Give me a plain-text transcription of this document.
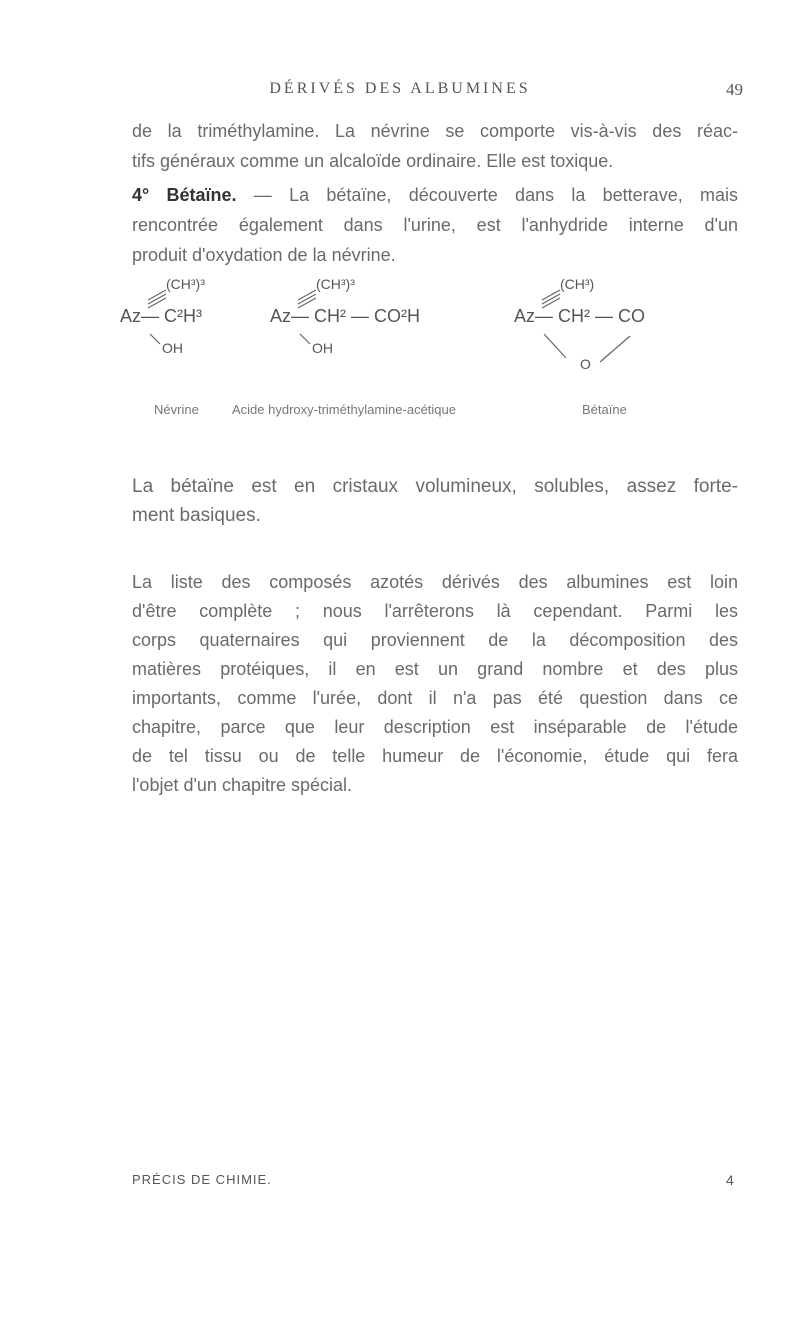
DÉRIVÉS DES ALBUMINES	49
de la triméthylamine. La névrine se comporte vis-à-vis des réac-
tifs généraux comme un alcaloïde ordinaire. Elle est toxique.
4° Bétaïne. — La bétaïne, découverte dans la betterave, mais
rencontrée également dans l'urine, est l'anhydride interne d'un
produit d'oxydation de la névrine.
(CH³)³
Az— C²H³
OH
(CH³)³
Az— CH² — CO²H
OH
(CH³)
Az— CH² — CO
O
Névrine	Acide hydroxy-triméthylamine-acétique	Bétaïne
La bétaïne est en cristaux volumineux, solubles, assez forte-
ment basiques.
La liste des composés azotés dérivés des albumines est loin
d'être complète ; nous l'arrêterons là cependant. Parmi les
corps quaternaires qui proviennent de la décomposition des
matières protéiques, il en est un grand nombre et des plus
importants, comme l'urée, dont il n'a pas été question dans ce
chapitre, parce que leur description est inséparable de l'étude
de tel tissu ou de telle humeur de l'économie, étude qui fera
l'objet d'un chapitre spécial.
PRÉCIS DE CHIMIE.	4
